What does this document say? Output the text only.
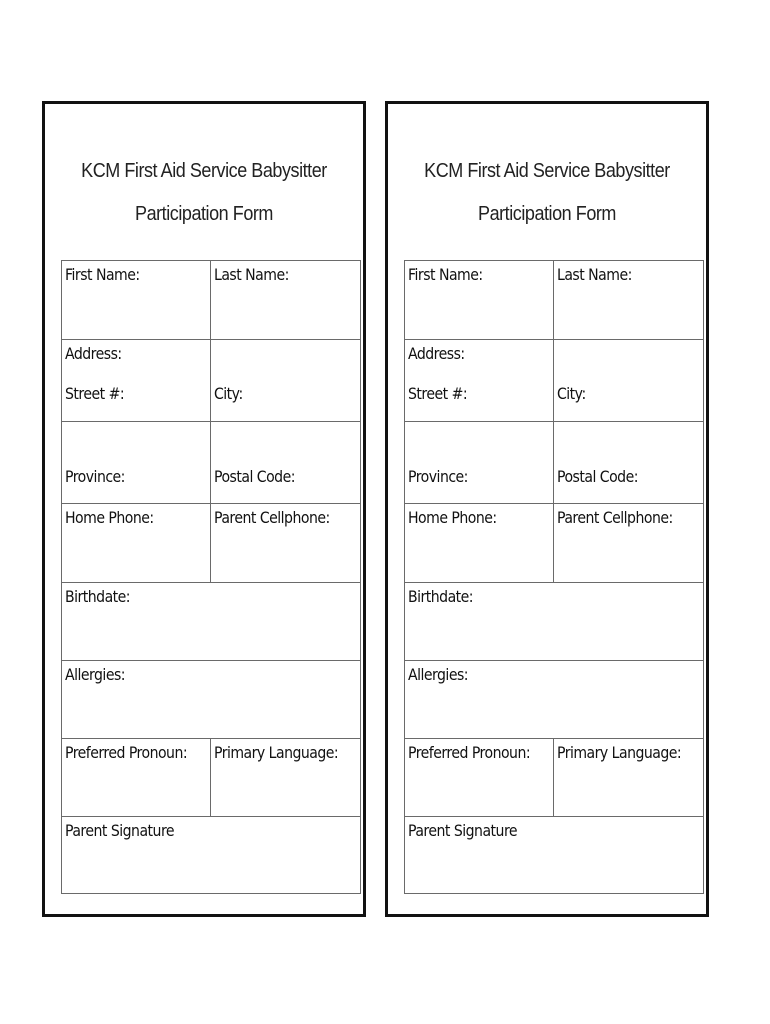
KCM First Aid Service Babysitter
Participation Form
First Name:	Last Name:
Address:
Street #:	City:
Province:	Postal Code:
Home Phone:	Parent Cellphone:
Birthdate:
Allergies:
Preferred Pronoun: Primary Language:
Parent Signature
KCM First Aid Service Babysitter
Participation Form
First Name:	Last Name:
Address:
Street #:	City:
Province:	Postal Code:
Home Phone:	Parent Cellphone:
Birthdate:
Allergies:
Preferred Pronoun: Primary Language:
Parent Signature
